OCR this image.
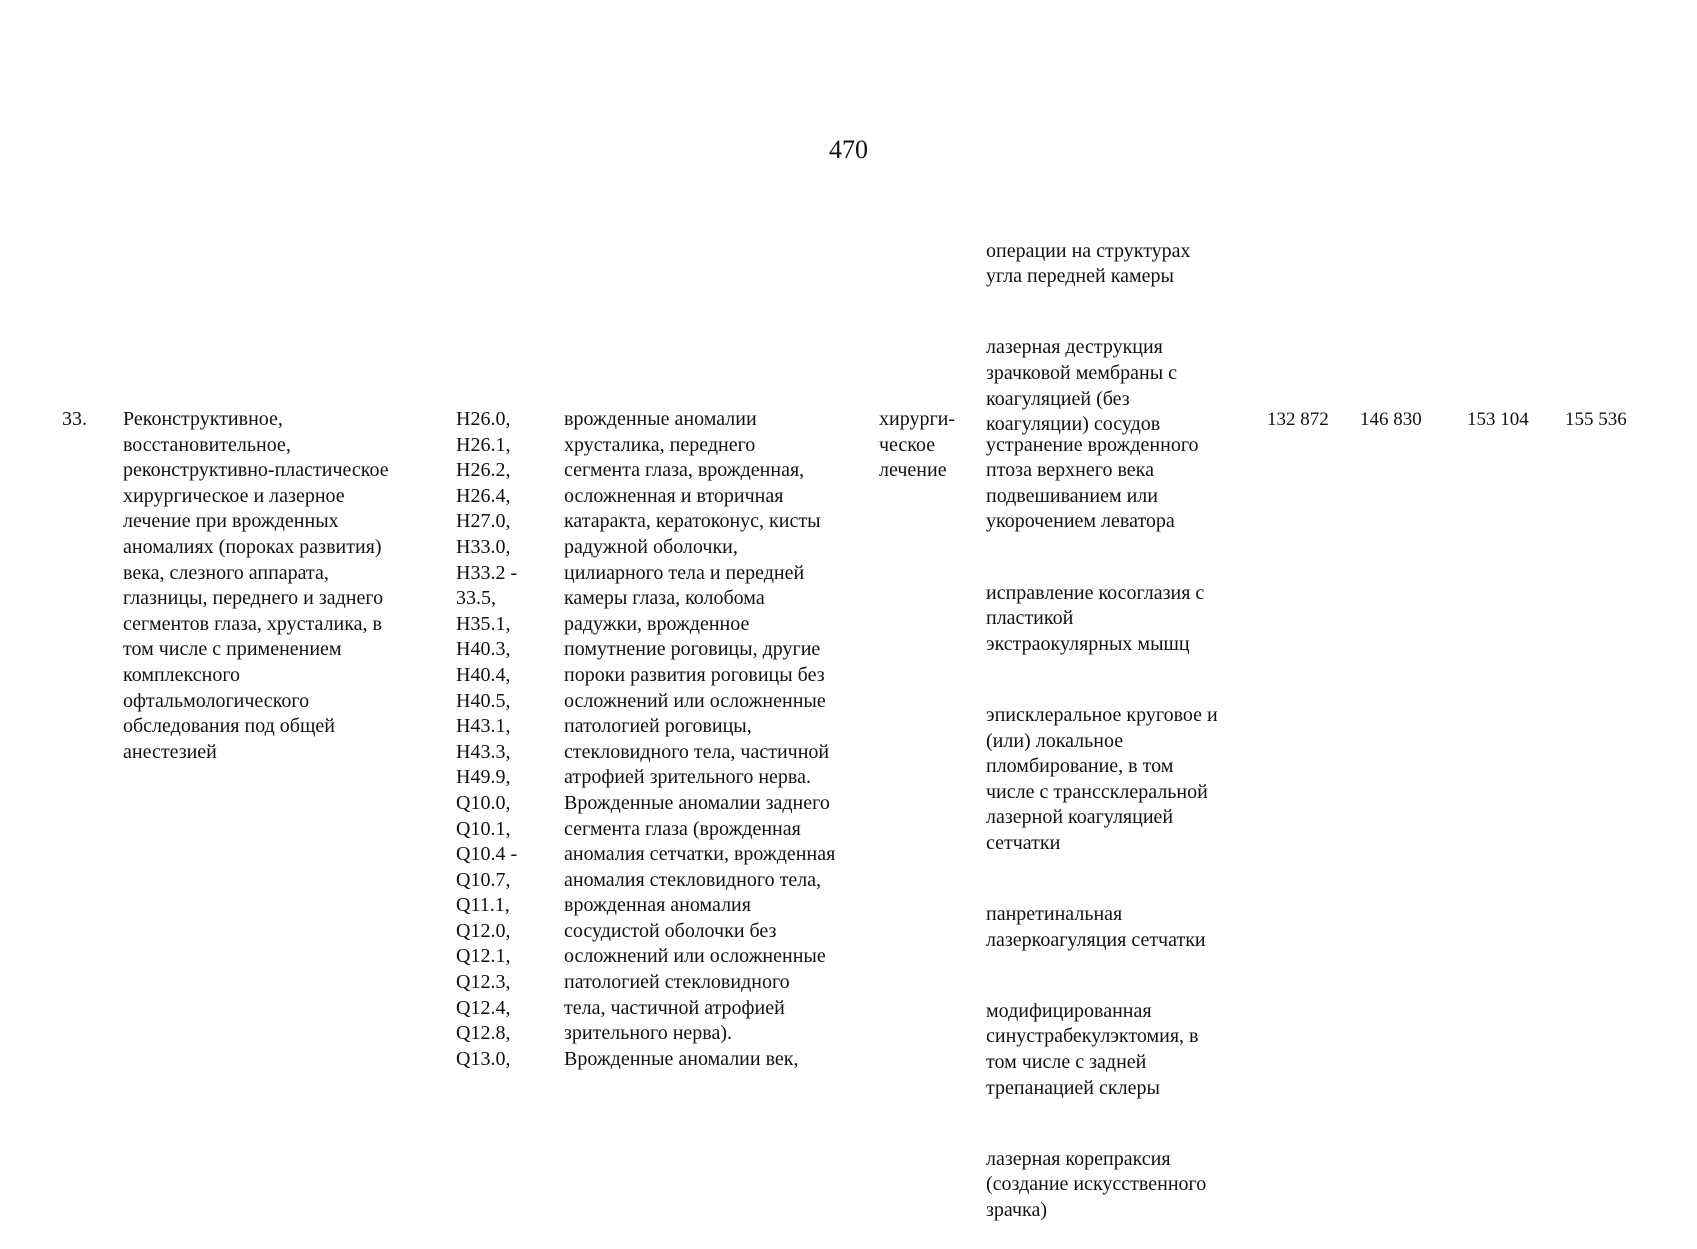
470

операции на структурах
угла передней камеры

лазерная деструкция
зрачковой мембраны с
коагуляцией (без
коагуляции) сосудов

33.	Реконструктивное,
восстановительное,
реконструктивно-пластическое
хирургическое и лазерное
лечение при врожденных
аномалиях (пороках развития)
века, слезного аппарата,
глазницы, переднего и заднего
сегментов глаза, хрусталика, в
том числе с применением
комплексного
офтальмологического
обследования под общей
анестезией
H26.0,
H26.1,
H26.2,
H26.4,
H27.0,
H33.0,
H33.2 -
33.5,
H35.1,
H40.3,
H40.4,
H40.5,
H43.1,
H43.3,
H49.9,
Q10.0,
Q10.1,
Q10.4 -
Q10.7,
Q11.1,
Q12.0,
Q12.1,
Q12.3,
Q12.4,
Q12.8,
Q13.0,
врожденные аномалии
хрусталика, переднего
сегмента глаза, врожденная,
осложненная и вторичная
катаракта, кератоконус, кисты
радужной оболочки,
цилиарного тела и передней
камеры глаза, колобома
радужки, врожденное
помутнение роговицы, другие
пороки развития роговицы без
осложнений или осложненные
патологией роговицы,
стекловидного тела, частичной
атрофией зрительного нерва.
Врожденные аномалии заднего
сегмента глаза (врожденная
аномалия сетчатки, врожденная
аномалия стекловидного тела,
врожденная аномалия
сосудистой оболочки без
осложнений или осложненные
патологией стекловидного
тела, частичной атрофией
зрительного нерва).
Врожденные аномалии век,
хирурги-
ческое
лечение

устранение врожденного
птоза верхнего века
подвешиванием или
укорочением леватора

исправление косоглазия с
пластикой
экстраокулярных мышц

эписклеральное круговое и
(или) локальное
пломбирование, в том
числе с транссклеральной
лазерной коагуляцией
сетчатки

панретинальная
лазеркоагуляция сетчатки

модифицированная
синустрабекулэктомия, в
том числе с задней
трепанацией склеры

лазерная корепраксия
(создание искусственного
зрачка)

132 872 146 830 153 104 155 536
